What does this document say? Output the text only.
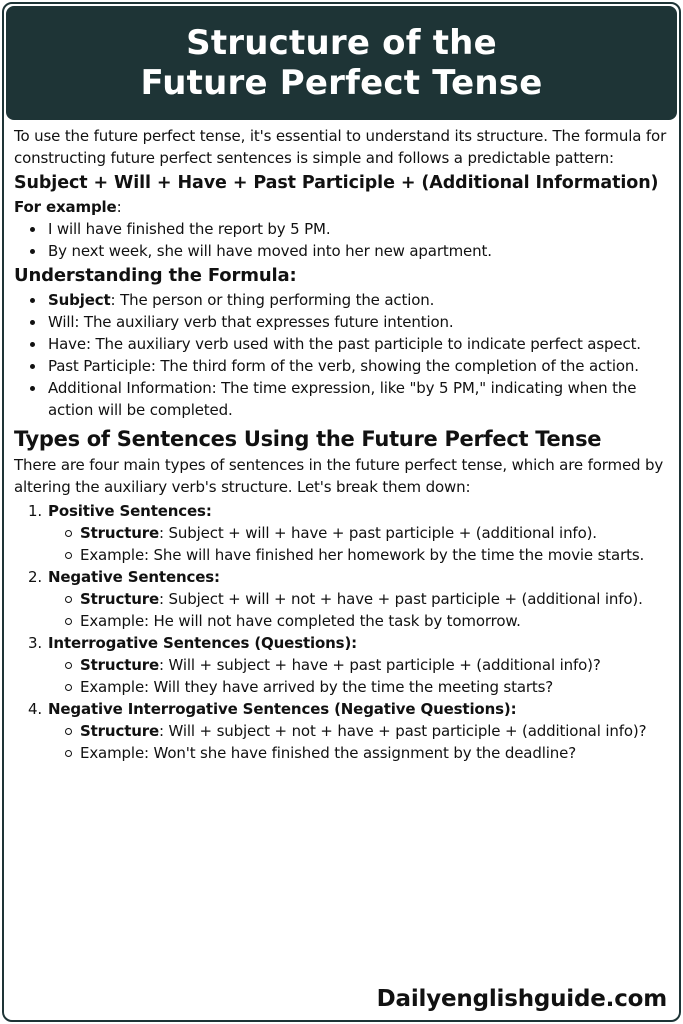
Structure of the
Future Perfect Tense

To use the future perfect tense, it's essential to understand its structure. The formula for constructing future perfect sentences is simple and follows a predictable pattern:

Subject + Will + Have + Past Participle + (Additional Information)

For example:

I will have finished the report by 5 PM.
By next week, she will have moved into her new apartment.

Understanding the Formula:

Subject: The person or thing performing the action.
Will: The auxiliary verb that expresses future intention.
Have: The auxiliary verb used with the past participle to indicate perfect aspect.
Past Participle: The third form of the verb, showing the completion of the action.
Additional Information: The time expression, like "by 5 PM," indicating when the action will be completed.

Types of Sentences Using the Future Perfect Tense

There are four main types of sentences in the future perfect tense, which are formed by altering the auxiliary verb's structure. Let's break them down:

1. Positive Sentences:
Structure: Subject + will + have + past participle + (additional info).
Example: She will have finished her homework by the time the movie starts.
2. Negative Sentences:
Structure: Subject + will + not + have + past participle + (additional info).
Example: He will not have completed the task by tomorrow.
3. Interrogative Sentences (Questions):
Structure: Will + subject + have + past participle + (additional info)?
Example: Will they have arrived by the time the meeting starts?
4. Negative Interrogative Sentences (Negative Questions):
Structure: Will + subject + not + have + past participle + (additional info)?
Example: Won't she have finished the assignment by the deadline?
Dailyenglishguide.com
